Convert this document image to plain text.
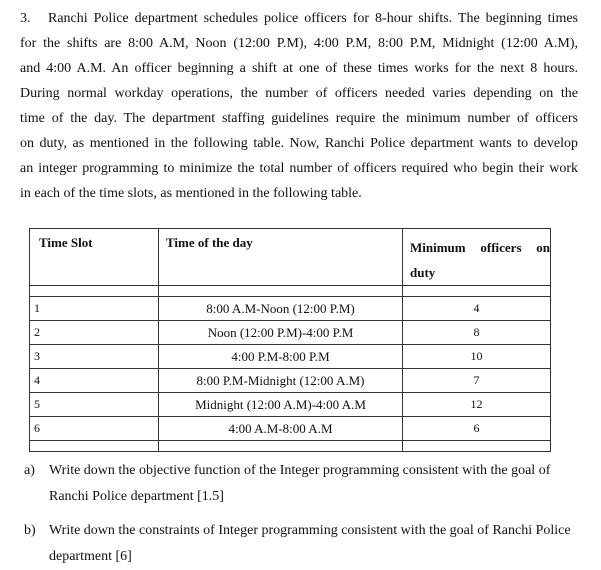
3. Ranchi Police department schedules police officers for 8-hour shifts. The beginning times
for the shifts are 8:00 A.M, Noon (12:00 P.M), 4:00 P.M, 8:00 P.M, Midnight (12:00 A.M),
and 4:00 A.M. An officer beginning a shift at one of these times works for the next 8 hours.
During normal workday operations, the number of officers needed varies depending on the
time of the day. The department staffing guidelines require the minimum number of officers
on duty, as mentioned in the following table. Now, Ranchi Police department wants to develop
an integer programming to minimize the total number of officers required who begin their work
in each of the time slots, as mentioned in the following table.
Time Slot	Time of the day	Minimum officers on
duty

1	8:00 A.M-Noon (12:00 P.M)	4
2	Noon (12:00 P.M)-4:00 P.M	8
3	4:00 P.M-8:00 P.M	10
4	8:00 P.M-Midnight (12:00 A.M)	7
5	Midnight (12:00 A.M)-4:00 A.M	12
6	4:00 A.M-8:00 A.M	6

a) Write down the objective function of the Integer programming consistent with the goal of
Ranchi Police department [1.5]
b) Write down the constraints of Integer programming consistent with the goal of Ranchi Police
department [6]
